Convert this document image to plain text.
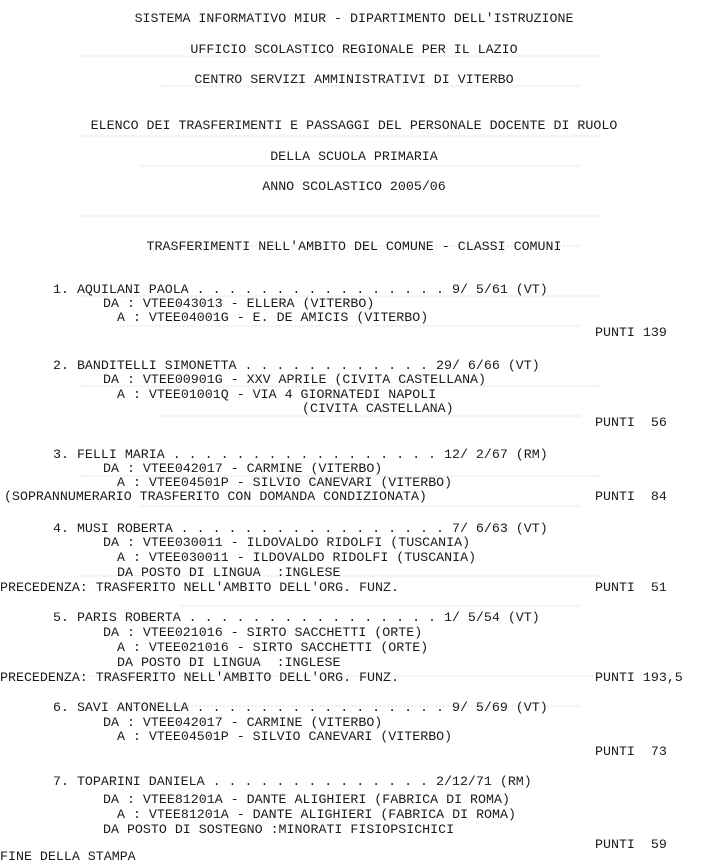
SISTEMA INFORMATIVO MIUR - DIPARTIMENTO DELL'ISTRUZIONE
UFFICIO SCOLASTICO REGIONALE PER IL LAZIO
CENTRO SERVIZI AMMINISTRATIVI DI VITERBO
ELENCO DEI TRASFERIMENTI E PASSAGGI DEL PERSONALE DOCENTE DI RUOLO
DELLA SCUOLA PRIMARIA
ANNO SCOLASTICO 2005/06
TRASFERIMENTI NELL'AMBITO DEL COMUNE - CLASSI COMUNI
1. AQUILANI PAOLA . . . . . . . . . . . . . . . . 9/ 5/61 (VT)
DA : VTEE043013 - ELLERA (VITERBO)
A : VTEE04001G - E. DE AMICIS (VITERBO)
PUNTI 139
2. BANDITELLI SIMONETTA . . . . . . . . . . . . 29/ 6/66 (VT)
DA : VTEE00901G - XXV APRILE (CIVITA CASTELLANA)
A : VTEE01001Q - VIA 4 GIORNATEDI NAPOLI
(CIVITA CASTELLANA)
PUNTI  56
3. FELLI MARIA . . . . . . . . . . . . . . . . . 12/ 2/67 (RM)
DA : VTEE042017 - CARMINE (VITERBO)
A : VTEE04501P - SILVIO CANEVARI (VITERBO)
(SOPRANNUMERARIO TRASFERITO CON DOMANDA CONDIZIONATA)	PUNTI  84
4. MUSI ROBERTA . . . . . . . . . . . . . . . . . 7/ 6/63 (VT)
DA : VTEE030011 - ILDOVALDO RIDOLFI (TUSCANIA)
A : VTEE030011 - ILDOVALDO RIDOLFI (TUSCANIA)
DA POSTO DI LINGUA  :INGLESE
PRECEDENZA: TRASFERITO NELL'AMBITO DELL'ORG. FUNZ.	PUNTI  51
5. PARIS ROBERTA . . . . . . . . . . . . . . . . 1/ 5/54 (VT)
DA : VTEE021016 - SIRTO SACCHETTI (ORTE)
A : VTEE021016 - SIRTO SACCHETTI (ORTE)
DA POSTO DI LINGUA  :INGLESE
PRECEDENZA: TRASFERITO NELL'AMBITO DELL'ORG. FUNZ.	PUNTI 193,5
6. SAVI ANTONELLA . . . . . . . . . . . . . . . . 9/ 5/69 (VT)
DA : VTEE042017 - CARMINE (VITERBO)
A : VTEE04501P - SILVIO CANEVARI (VITERBO)
PUNTI  73
7. TOPARINI DANIELA . . . . . . . . . . . . . . 2/12/71 (RM)
DA : VTEE81201A - DANTE ALIGHIERI (FABRICA DI ROMA)
A : VTEE81201A - DANTE ALIGHIERI (FABRICA DI ROMA)
DA POSTO DI SOSTEGNO :MINORATI FISIOPSICHICI
PUNTI  59
FINE DELLA STAMPA
